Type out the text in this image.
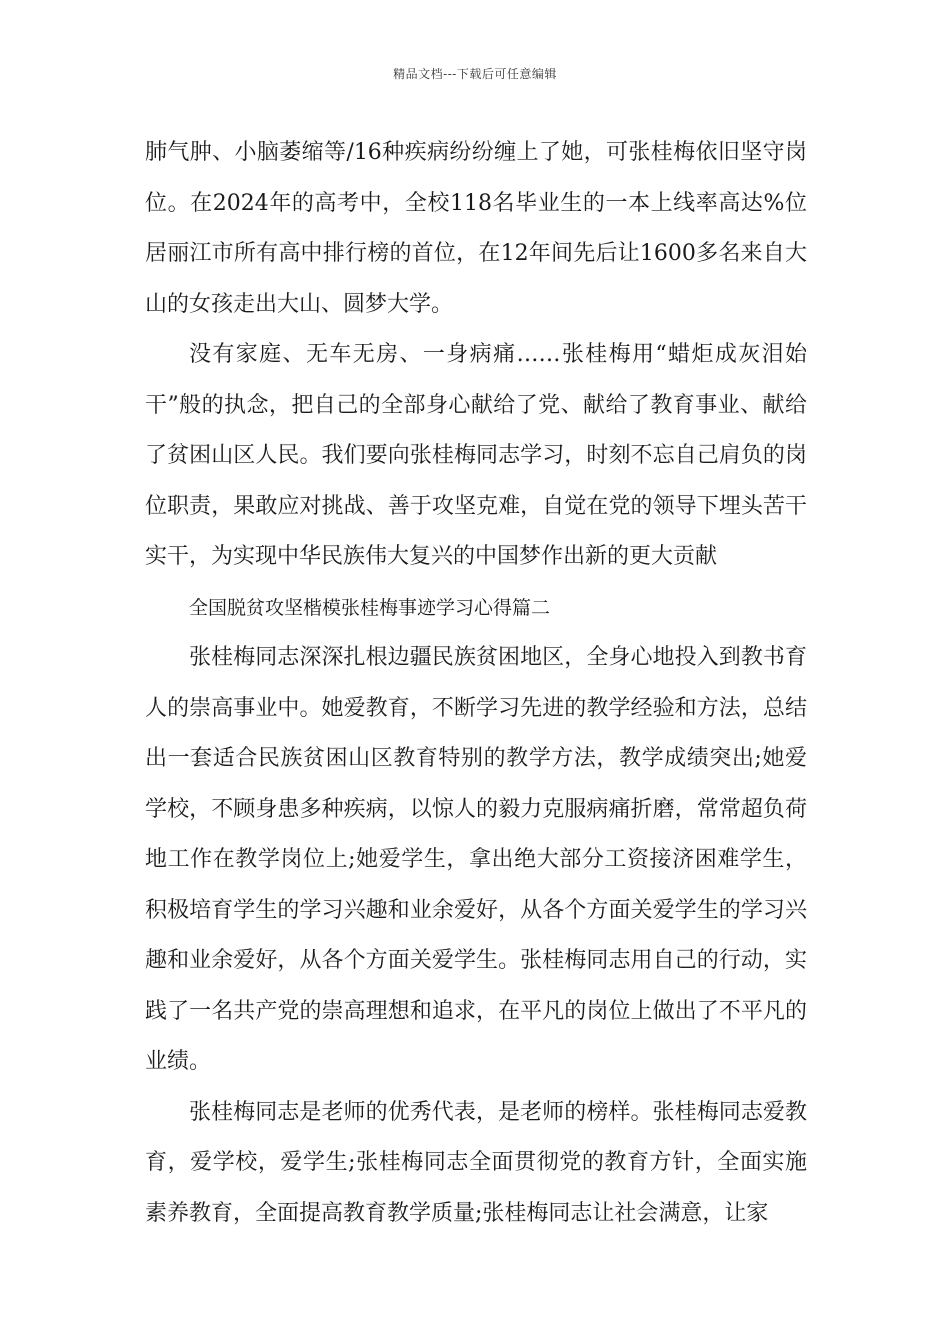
精品文档---下载后可任意编辑

肺气肿、小脑萎缩等/16种疾病纷纷缠上了她，可张桂梅依旧坚守岗位。在2024年的高考中，全校118名毕业生的一本上线率高达%位居丽江市所有高中排行榜的首位，在12年间先后让1600多名来自大山的女孩走出大山、圆梦大学。

没有家庭、无车无房、一身病痛……张桂梅用“蜡炬成灰泪始干”般的执念，把自己的全部身心献给了党、献给了教育事业、献给了贫困山区人民。我们要向张桂梅同志学习，时刻不忘自己肩负的岗位职责，果敢应对挑战、善于攻坚克难，自觉在党的领导下埋头苦干实干，为实现中华民族伟大复兴的中国梦作出新的更大贡献

全国脱贫攻坚楷模张桂梅事迹学习心得篇二

张桂梅同志深深扎根边疆民族贫困地区，全身心地投入到教书育人的崇高事业中。她爱教育，不断学习先进的教学经验和方法，总结出一套适合民族贫困山区教育特别的教学方法，教学成绩突出;她爱学校，不顾身患多种疾病，以惊人的毅力克服病痛折磨，常常超负荷地工作在教学岗位上;她爱学生，拿出绝大部分工资接济困难学生，积极培育学生的学习兴趣和业余爱好，从各个方面关爱学生的学习兴趣和业余爱好，从各个方面关爱学生。张桂梅同志用自己的行动，实践了一名共产党的崇高理想和追求，在平凡的岗位上做出了不平凡的业绩。

张桂梅同志是老师的优秀代表，是老师的榜样。张桂梅同志爱教育，爱学校，爱学生;张桂梅同志全面贯彻党的教育方针，全面实施素养教育，全面提高教育教学质量;张桂梅同志让社会满意，让家
